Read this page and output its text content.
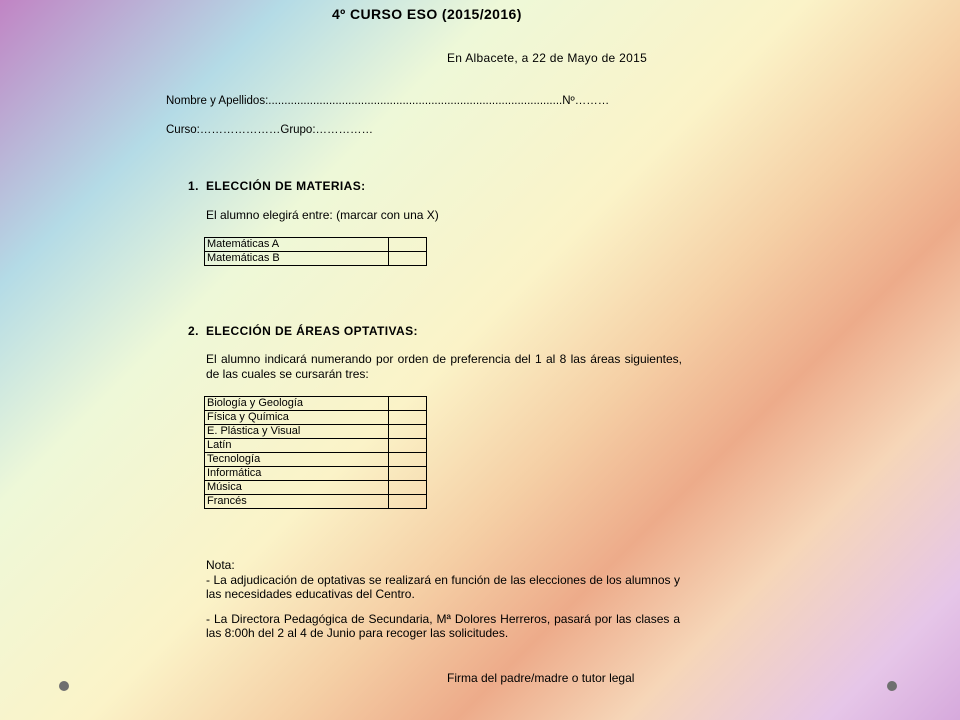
4º CURSO ESO (2015/2016)
En Albacete, a 22 de Mayo de 2015
Nombre y Apellidos:............................................................................................Nº………
Curso:…………………Grupo:……………
1. ELECCIÓN DE MATERIAS:
El alumno elegirá entre: (marcar con una X)
Matemáticas A	
Matemáticas B	
2. ELECCIÓN DE ÁREAS OPTATIVAS:
El alumno indicará numerando por orden de preferencia del 1 al 8 las áreas siguientes, de las cuales se cursarán tres:
Biología y Geología	
Física y Química	
E. Plástica y Visual	
Latín	
Tecnología	
Informática	
Música	
Francés	

Nota:

- La adjudicación de optativas se realizará en función de las elecciones de los alumnos y las necesidades educativas del Centro.

- La Directora Pedagógica de Secundaria, Mª Dolores Herreros, pasará por las clases a las 8:00h del 2 al 4 de Junio para recoger las solicitudes.

Firma del padre/madre o tutor legal
